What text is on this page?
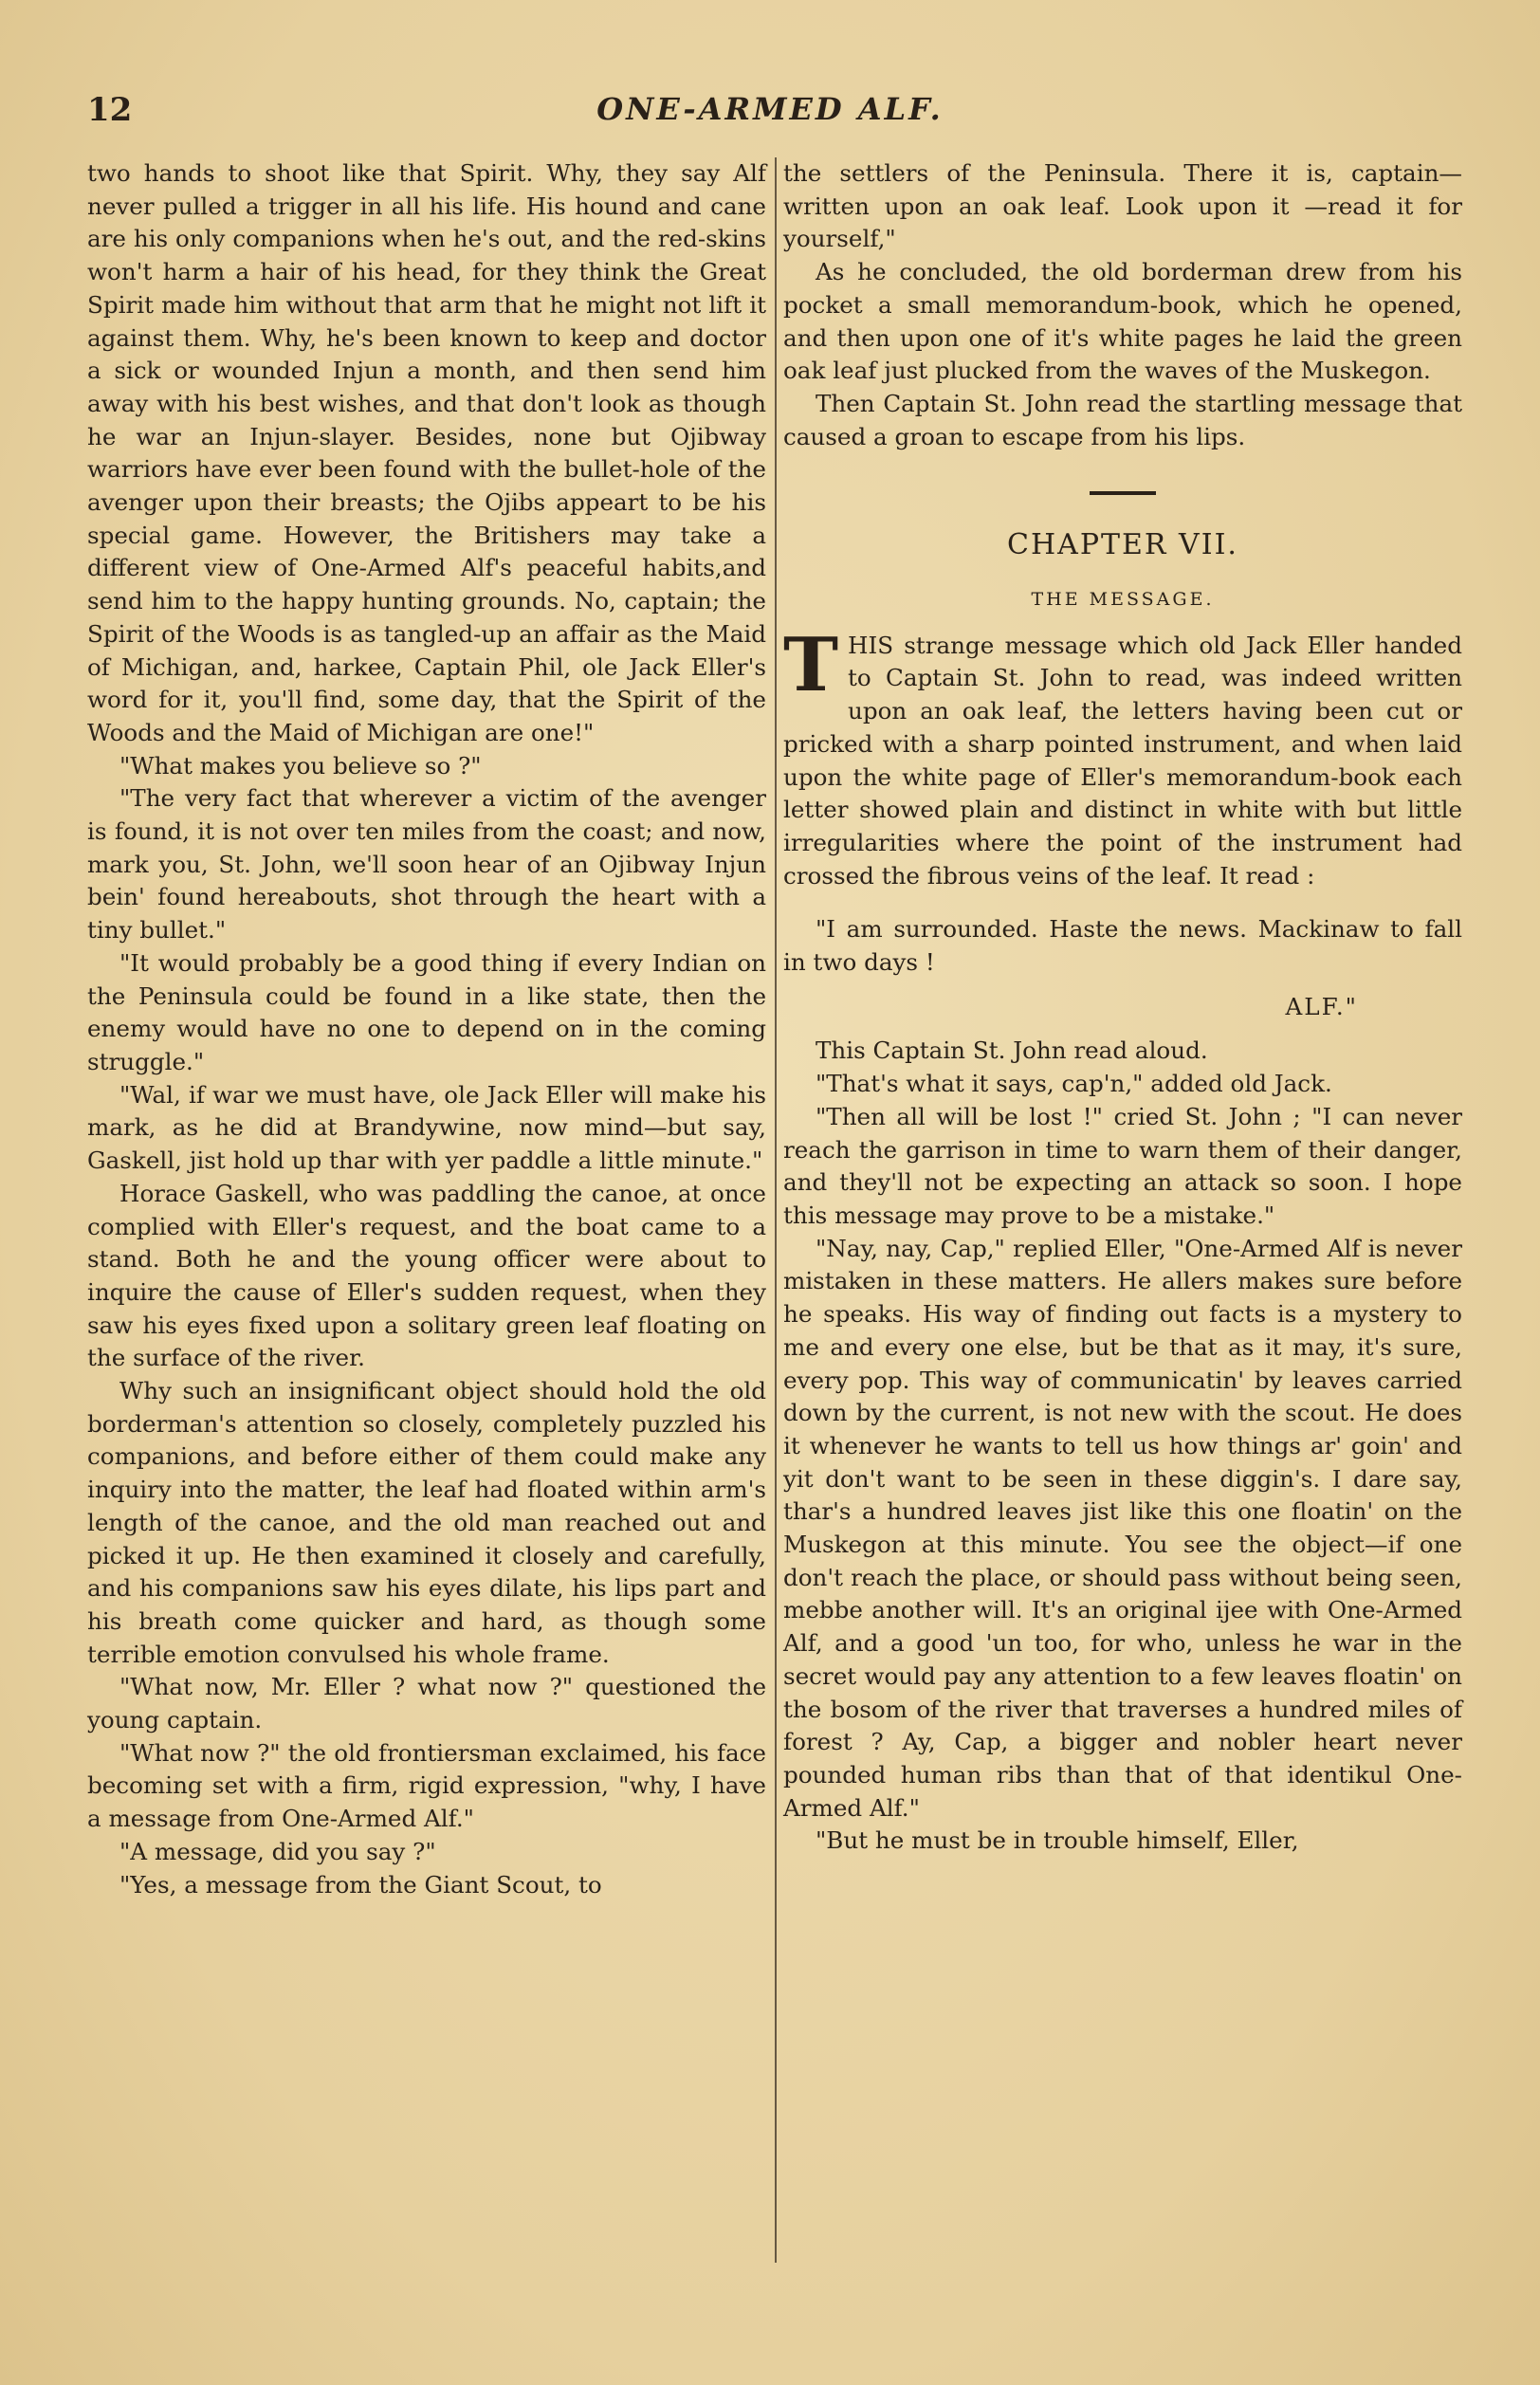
12	ONE-ARMED ALF.

two hands to shoot like that Spirit. Why, they say Alf never pulled a trigger in all his life. His hound and cane are his only companions when he's out, and the red-skins won't harm a hair of his head, for they think the Great Spirit made him without that arm that he might not lift it against them. Why, he's been known to keep and doctor a sick or wounded Injun a month, and then send him away with his best wishes, and that don't look as though he war an Injun-slayer. Besides, none but Ojibway warriors have ever been found with the bullet-hole of the avenger upon their breasts; the Ojibs appeart to be his special game. However, the Britishers may take a different view of One-Armed Alf's peaceful habits,and send him to the happy hunting grounds. No, captain; the Spirit of the Woods is as tangled-up an affair as the Maid of Michigan, and, harkee, Captain Phil, ole Jack Eller's word for it, you'll find, some day, that the Spirit of the Woods and the Maid of Michigan are one!"

"What makes you believe so ?"

"The very fact that wherever a victim of the avenger is found, it is not over ten miles from the coast; and now, mark you, St. John, we'll soon hear of an Ojibway Injun bein' found hereabouts, shot through the heart with a tiny bullet."

"It would probably be a good thing if every Indian on the Peninsula could be found in a like state, then the enemy would have no one to depend on in the coming struggle."

"Wal, if war we must have, ole Jack Eller will make his mark, as he did at Brandywine, now mind—but say, Gaskell, jist hold up thar with yer paddle a little minute."

Horace Gaskell, who was paddling the canoe, at once complied with Eller's request, and the boat came to a stand. Both he and the young officer were about to inquire the cause of Eller's sudden request, when they saw his eyes fixed upon a solitary green leaf floating on the surface of the river.

Why such an insignificant object should hold the old borderman's attention so closely, completely puzzled his companions, and before either of them could make any inquiry into the matter, the leaf had floated within arm's length of the canoe, and the old man reached out and picked it up. He then examined it closely and carefully, and his companions saw his eyes dilate, his lips part and his breath come quicker and hard, as though some terrible emotion convulsed his whole frame.

"What now, Mr. Eller ? what now ?" questioned the young captain.

"What now ?" the old frontiersman exclaimed, his face becoming set with a firm, rigid expression, "why, I have a message from One-Armed Alf."

"A message, did you say ?"

"Yes, a message from the Giant Scout, to

the settlers of the Peninsula. There it is, captain—written upon an oak leaf. Look upon it —read it for yourself,"

As he concluded, the old borderman drew from his pocket a small memorandum-book, which he opened, and then upon one of it's white pages he laid the green oak leaf just plucked from the waves of the Muskegon.

Then Captain St. John read the startling message that caused a groan to escape from his lips.

CHAPTER VII.
THE MESSAGE.

THIS strange message which old Jack Eller handed to Captain St. John to read, was indeed written upon an oak leaf, the letters having been cut or pricked with a sharp pointed instrument, and when laid upon the white page of Eller's memorandum-book each letter showed plain and distinct in white with but little irregularities where the point of the instrument had crossed the fibrous veins of the leaf. It read :

"I am surrounded. Haste the news. Mackinaw to fall in two days !

ALF."

This Captain St. John read aloud.

"That's what it says, cap'n," added old Jack.

"Then all will be lost !" cried St. John ; "I can never reach the garrison in time to warn them of their danger, and they'll not be expecting an attack so soon. I hope this message may prove to be a mistake."

"Nay, nay, Cap," replied Eller, "One-Armed Alf is never mistaken in these matters. He allers makes sure before he speaks. His way of finding out facts is a mystery to me and every one else, but be that as it may, it's sure, every pop. This way of communicatin' by leaves carried down by the current, is not new with the scout. He does it whenever he wants to tell us how things ar' goin' and yit don't want to be seen in these diggin's. I dare say, thar's a hundred leaves jist like this one floatin' on the Muskegon at this minute. You see the object—if one don't reach the place, or should pass without being seen, mebbe another will. It's an original ijee with One-Armed Alf, and a good 'un too, for who, unless he war in the secret would pay any attention to a few leaves floatin' on the bosom of the river that traverses a hundred miles of forest ? Ay, Cap, a bigger and nobler heart never pounded human ribs than that of that identikul One-Armed Alf."

"But he must be in trouble himself, Eller,
